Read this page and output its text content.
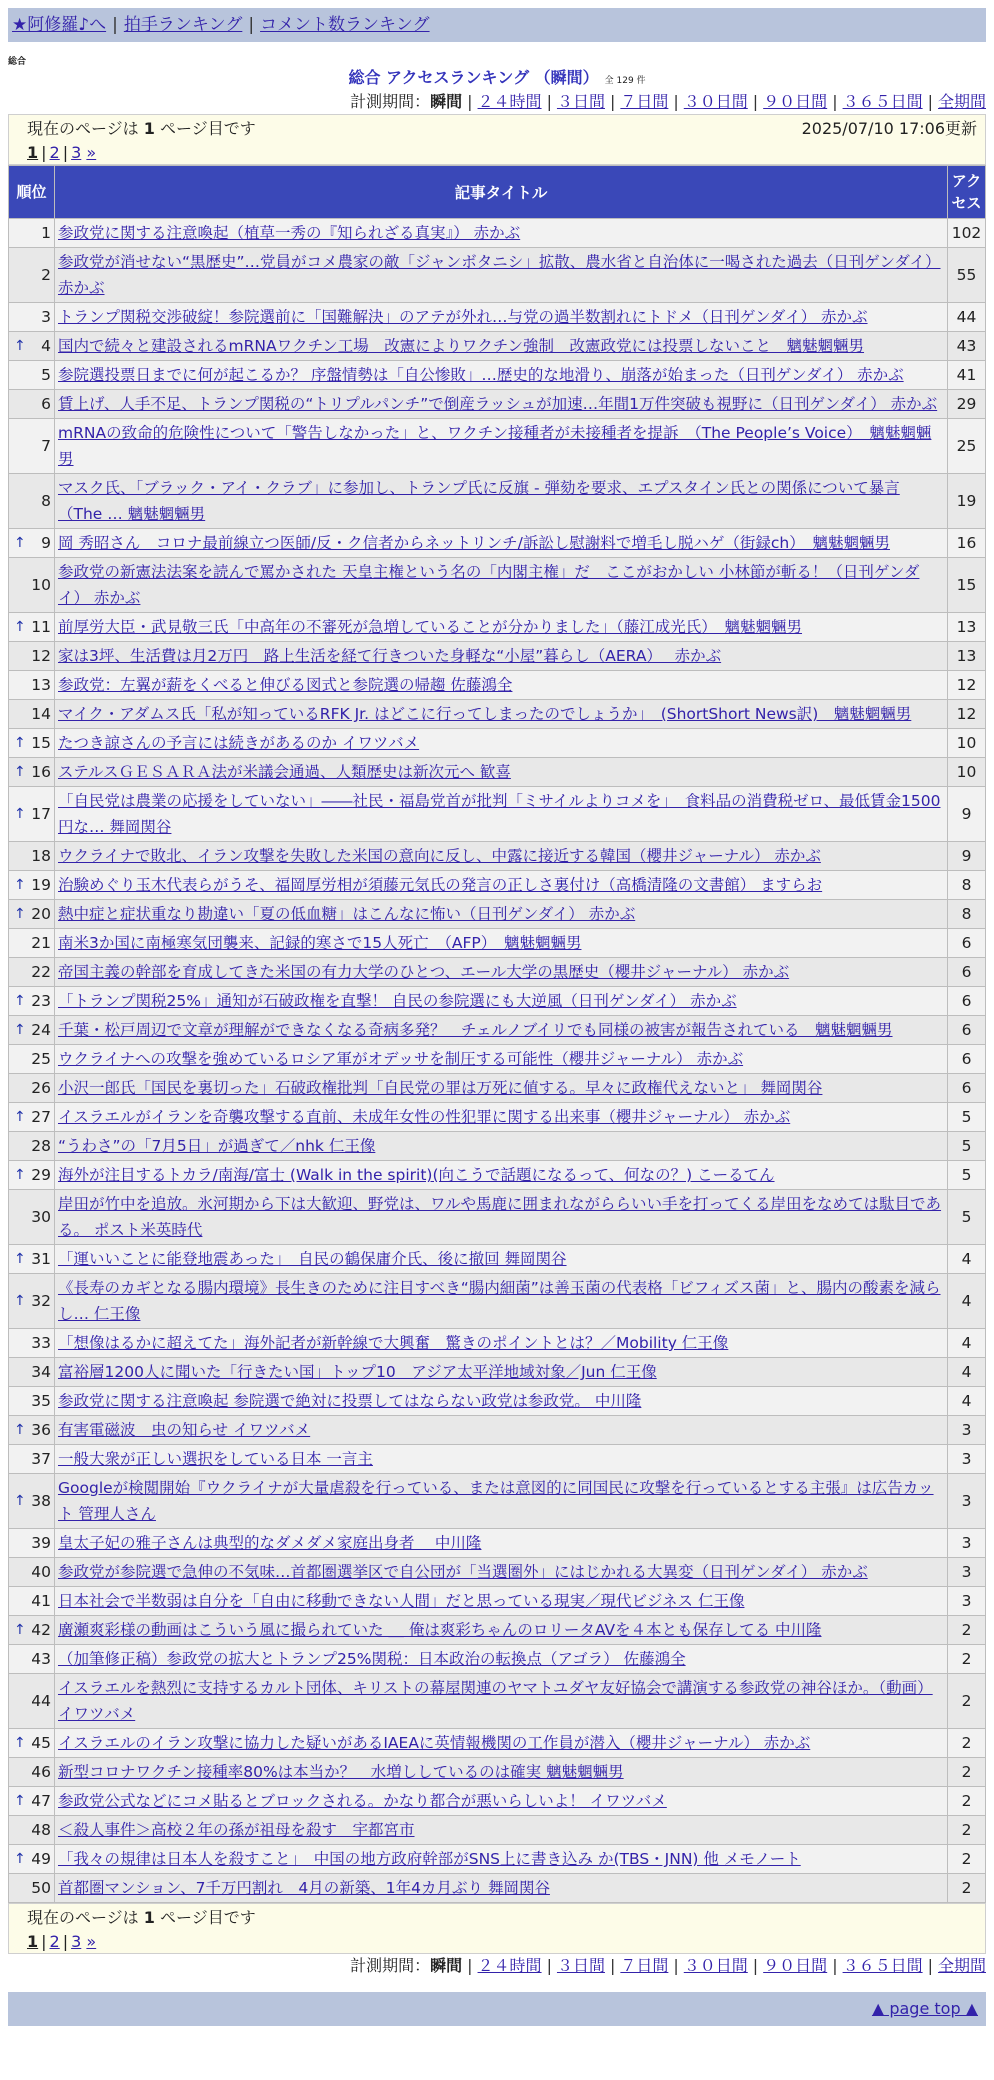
★阿修羅♪へ | 拍手ランキング | コメント数ランキング
総合
総合 アクセスランキング （瞬間） 全 129 件
計測期間：瞬間 | ２４時間 | ３日間 | ７日間 | ３０日間 | ９０日間 | ３６５日間 | 全期間
現在のページは 1 ページ目です	2025/07/10 17:06更新
1 | 2 | 3 »
順位	記事タイトル	アクセス
1	参政党に関する注意喚起（植草一秀の『知られざる真実』） 赤かぶ	102
2	参政党が消せない“黒歴史”…党員がコメ農家の敵「ジャンボタニシ」拡散、農水省と自治体に一喝された過去（日刊ゲンダイ） 赤かぶ	55
3	トランプ関税交渉破綻！参院選前に「国難解決」のアテが外れ…与党の過半数割れにトドメ（日刊ゲンダイ） 赤かぶ	44

↑ 4	国内で続々と建設されるmRNAワクチン工場　改憲によりワクチン強制　改憲政党には投票しないこと　魑魅魍魎男	43
5	参院選投票日までに何が起こるか？ 序盤情勢は「自公惨敗」…歴史的な地滑り、崩落が始まった（日刊ゲンダイ） 赤かぶ	41
6	賃上げ、人手不足、トランプ関税の“トリプルパンチ”で倒産ラッシュが加速…年間1万件突破も視野に（日刊ゲンダイ） 赤かぶ	29
7	mRNAの致命的危険性について「警告しなかった」と、ワクチン接種者が未接種者を提訴　（The People’s Voice）　魑魅魍魎男	25
8	マスク氏、「ブラック・アイ・クラブ」に参加し、トランプ氏に反旗 - 弾劾を要求、エプスタイン氏との関係について暴言（The … 魑魅魍魎男	19

↑ 9	岡 秀昭さん　コロナ最前線立つ医師/反・ク信者からネットリンチ/訴訟し慰謝料で増毛し脱ハゲ（街録ch）　魑魅魍魎男	16
10	参政党の新憲法法案を読んで罵かされた 天皇主権という名の「内閣主権」だ　ここがおかしい 小林節が斬る！（日刊ゲンダイ） 赤かぶ	15

↑ 11	前厚労大臣・武見敬三氏「中高年の不審死が急増していることが分かりました」（藤江成光氏）　魑魅魍魎男	13
12	家は3坪、生活費は月2万円　路上生活を経て行きついた身軽な“小屋”暮らし（AERA）　 赤かぶ	13
13	参政党：左翼が薪をくべると伸びる図式と参院選の帰趨 佐藤鴻全	12
14	マイク・アダムス氏「私が知っているRFK Jr. はどこに行ってしまったのでしょうか」　(ShortShort News訳)　魑魅魍魎男	12

↑ 15	たつき諒さんの予言には続きがあるのか イワツバメ	10

↑ 16	ステルスＧＥＳＡＲＡ法が米議会通過、人類歴史は新次元へ 歓喜	10

↑ 17	「自民党は農業の応援をしていない」――社民・福島党首が批判「ミサイルよりコメを」　食料品の消費税ゼロ、最低賃金1500円な… 舞岡関谷	9
18	ウクライナで敗北、イラン攻撃を失敗した米国の意向に反し、中露に接近する韓国（櫻井ジャーナル） 赤かぶ	9

↑ 19	治験めぐり玉木代表らがうそ、福岡厚労相が須藤元気氏の発言の正しさ裏付け（高橋清隆の文書館） ますらお	8

↑ 20	熱中症と症状重なり勘違い「夏の低血糖」はこんなに怖い（日刊ゲンダイ） 赤かぶ	8
21	南米3か国に南極寒気団襲来、記録的寒さで15人死亡　（AFP）　魑魅魍魎男	6
22	帝国主義の幹部を育成してきた米国の有力大学のひとつ、エール大学の黒歴史（櫻井ジャーナル） 赤かぶ	6

↑ 23	「トランプ関税25%」通知が石破政権を直撃！ 自民の参院選にも大逆風（日刊ゲンダイ） 赤かぶ	6

↑ 24	千葉・松戸周辺で文章が理解ができなくなる奇病多発？　チェルノブイリでも同様の被害が報告されている　魑魅魍魎男	6
25	ウクライナへの攻撃を強めているロシア軍がオデッサを制圧する可能性（櫻井ジャーナル） 赤かぶ	6
26	小沢一郎氏「国民を裏切った」石破政権批判「自民党の罪は万死に値する。早々に政権代えないと」 舞岡関谷	6

↑ 27	イスラエルがイランを奇襲攻撃する直前、未成年女性の性犯罪に関する出来事（櫻井ジャーナル） 赤かぶ	5
28	“うわさ”の「7月5日」が過ぎて／nhk 仁王像	5

↑ 29	海外が注目するトカラ/南海/富士 (Walk in the spirit)(向こうで話題になるって、何なの？) こーるてん	5
30	岸田が竹中を追放。氷河期から下は大歓迎、野党は、ワルや馬鹿に囲まれながららいい手を打ってくる岸田をなめては駄目である。 ポスト米英時代	5

↑ 31	「運いいことに能登地震あった」　自民の鶴保庸介氏、後に撤回 舞岡関谷	4

↑ 32	《長寿のカギとなる腸内環境》長生きのために注目すべき“腸内細菌”は善玉菌の代表格「ビフィズス菌」と、腸内の酸素を減らし… 仁王像	4
33	「想像はるかに超えてた」海外記者が新幹線で大興奮　驚きのポイントとは？／Mobility 仁王像	4
34	富裕層1200人に聞いた「行きたい国」トップ10　アジア太平洋地域対象／Jun 仁王像	4
35	参政党に関する注意喚起 参院選で絶対に投票してはならない政党は参政党。 中川隆	4

↑ 36	有害電磁波　虫の知らせ イワツバメ	3
37	一般大衆が正しい選択をしている日本 一言主	3

↑ 38	Googleが検閲開始『ウクライナが大量虐殺を行っている、または意図的に同国民に攻撃を行っているとする主張』は広告カット 管理人さん	3
39	皇太子妃の雅子さんは典型的なダメダメ家庭出身者　 中川隆	3
40	参政党が参院選で急伸の不気味…首都圏選挙区で自公団が「当選圏外」にはじかれる大異変（日刊ゲンダイ） 赤かぶ	3
41	日本社会で半数弱は自分を「自由に移動できない人間」だと思っている現実／現代ビジネス 仁王像	3

↑ 42	廣瀬爽彩様の動画はこういう風に撮られていた ＿ 俺は爽彩ちゃんのロリータAVを４本とも保存してる 中川隆	2
43	（加筆修正稿）参政党の拡大とトランプ25%関税：日本政治の転換点（アゴラ） 佐藤鴻全	2
44	イスラエルを熱烈に支持するカルト団体、キリストの幕屋関連のヤマトユダヤ友好協会で講演する参政党の神谷ほか。（動画） イワツバメ	2

↑ 45	イスラエルのイラン攻撃に協力した疑いがあるIAEAに英情報機関の工作員が潜入（櫻井ジャーナル） 赤かぶ	2
46	新型コロナワクチン接種率80%は本当か？　水増ししているのは確実 魑魅魍魎男	2

↑ 47	参政党公式などにコメ貼るとブロックされる。かなり都合が悪いらしいよ！ イワツバメ	2
48	＜殺人事件＞高校２年の孫が祖母を殺す　宇都宮市	2

↑ 49	「我々の規律は日本人を殺すこと」　中国の地方政府幹部がSNS上に書き込み か(TBS・JNN) 他 メモノート	2
50	首都圏マンション、7千万円割れ　4月の新築、1年4カ月ぶり 舞岡関谷	2
現在のページは 1 ページ目です
1 | 2 | 3 »
計測期間：瞬間 | ２４時間 | ３日間 | ７日間 | ３０日間 | ９０日間 | ３６５日間 | 全期間
▲ page top ▲
